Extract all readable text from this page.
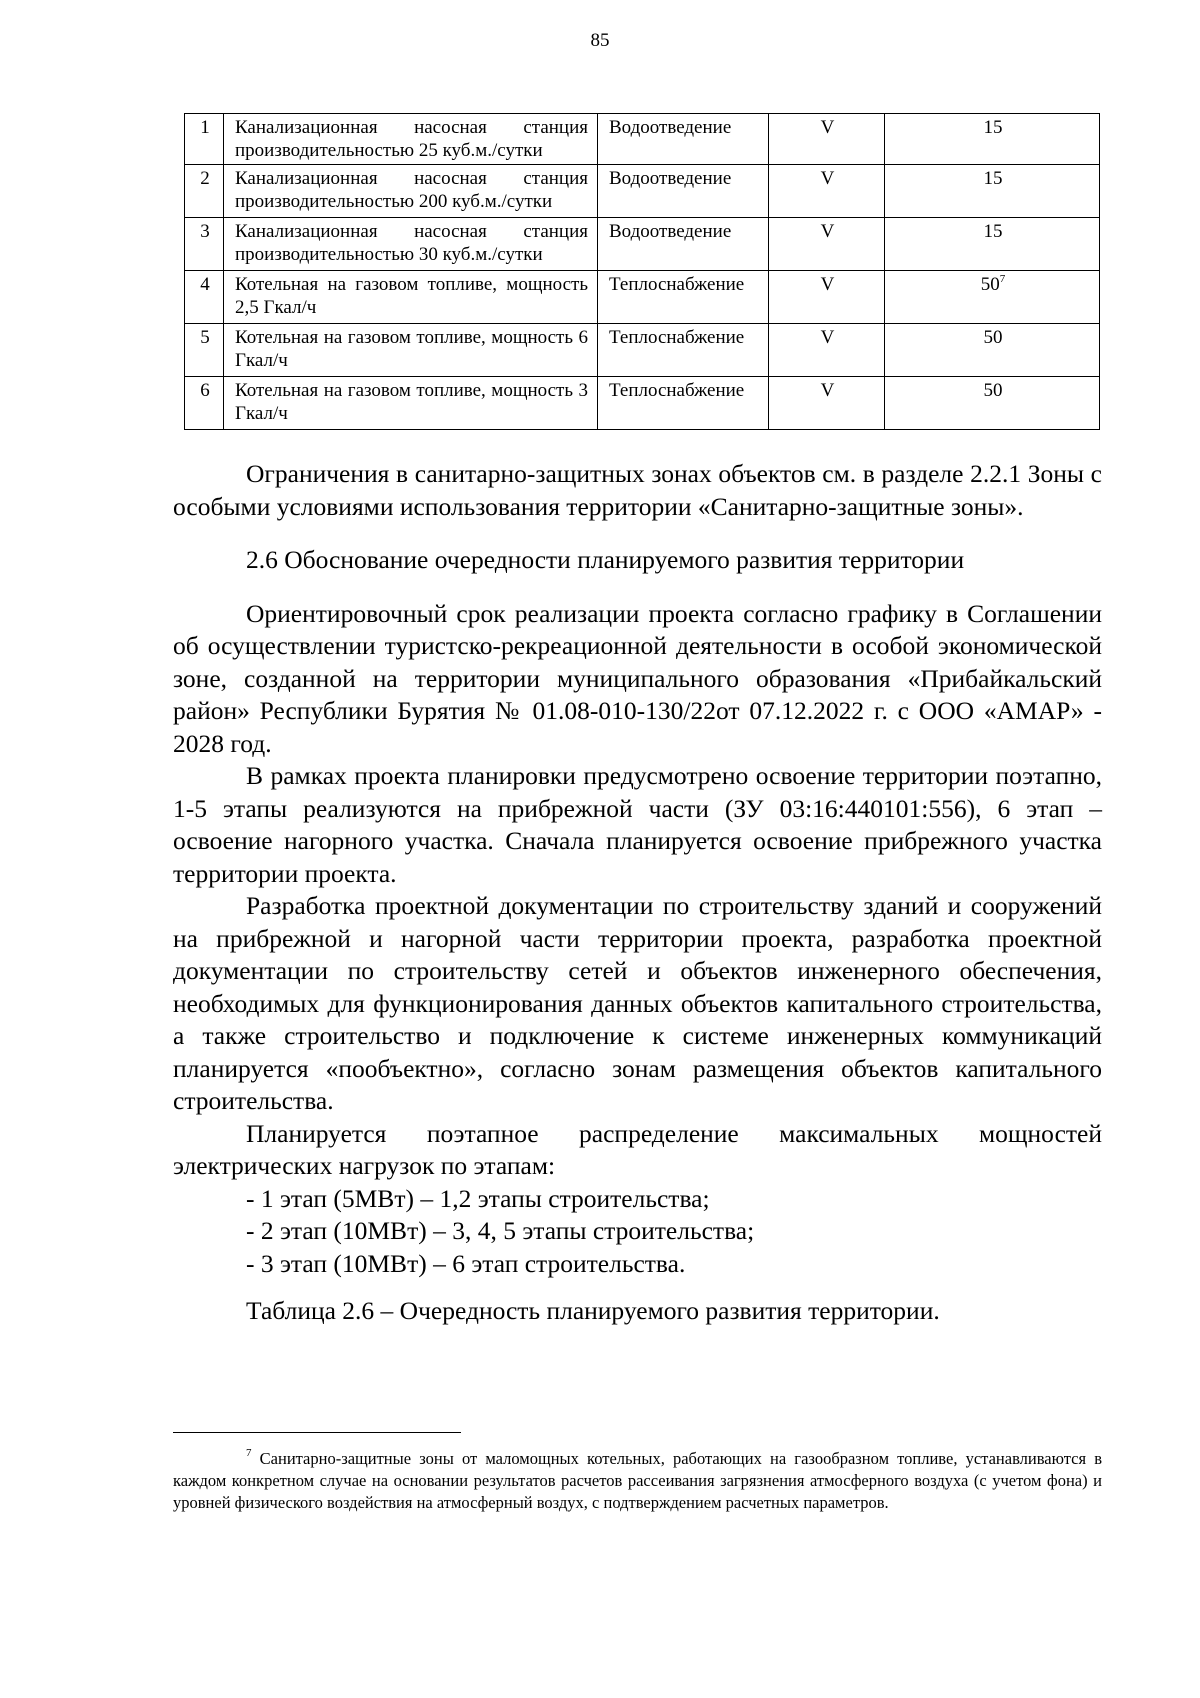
85
1	Канализационная насосная станция производительностью 25 куб.м./сутки	Водоотведение	V	15
2	Канализационная насосная станция производительностью 200 куб.м./сутки	Водоотведение	V	15
3	Канализационная насосная станция производительностью 30 куб.м./сутки	Водоотведение	V	15
4	Котельная на газовом топливе, мощность 2,5 Гкал/ч	Теплоснабжение	V	$50^7$
5	Котельная на газовом топливе, мощность 6 Гкал/ч	Теплоснабжение	V	50
6	Котельная на газовом топливе, мощность 3 Гкал/ч	Теплоснабжение	V	50

Ограничения в санитарно-защитных зонах объектов см. в разделе 2.2.1 Зоны с особыми условиями использования территории «Санитарно-защитные зоны».

2.6 Обоснование очередности планируемого развития территории

Ориентировочный срок реализации проекта согласно графику в Соглашении об осуществлении туристско-рекреационной деятельности в особой экономической зоне, созданной на территории муниципального образования «Прибайкальский район» Республики Бурятия № 01.08-010-130/22от 07.12.2022 г. с ООО «АМАР» - 2028 год.

В рамках проекта планировки предусмотрено освоение территории поэтапно, 1-5 этапы реализуются на прибрежной части (ЗУ 03:16:440101:556), 6 этап – освоение нагорного участка. Сначала планируется освоение прибрежного участка территории проекта.

Разработка проектной документации по строительству зданий и сооружений на прибрежной и нагорной части территории проекта, разработка проектной документации по строительству сетей и объектов инженерного обеспечения, необходимых для функционирования данных объектов капитального строительства, а также строительство и подключение к системе инженерных коммуникаций планируется «пообъектно», согласно зонам размещения объектов капитального строительства.

Планируется поэтапное распределение максимальных мощностей электрических нагрузок по этапам:

- 1 этап (5МВт) – 1,2 этапы строительства;
- 2 этап (10МВт) – 3, 4, 5 этапы строительства;
- 3 этап (10МВт) – 6 этап строительства.

Таблица 2.6 – Очередность планируемого развития территории.

$^7$ Санитарно-защитные зоны от маломощных котельных, работающих на газообразном топливе, устанавливаются в каждом конкретном случае на основании результатов расчетов рассеивания загрязнения атмосферного воздуха (с учетом фона) и уровней физического воздействия на атмосферный воздух, с подтверждением расчетных параметров.
